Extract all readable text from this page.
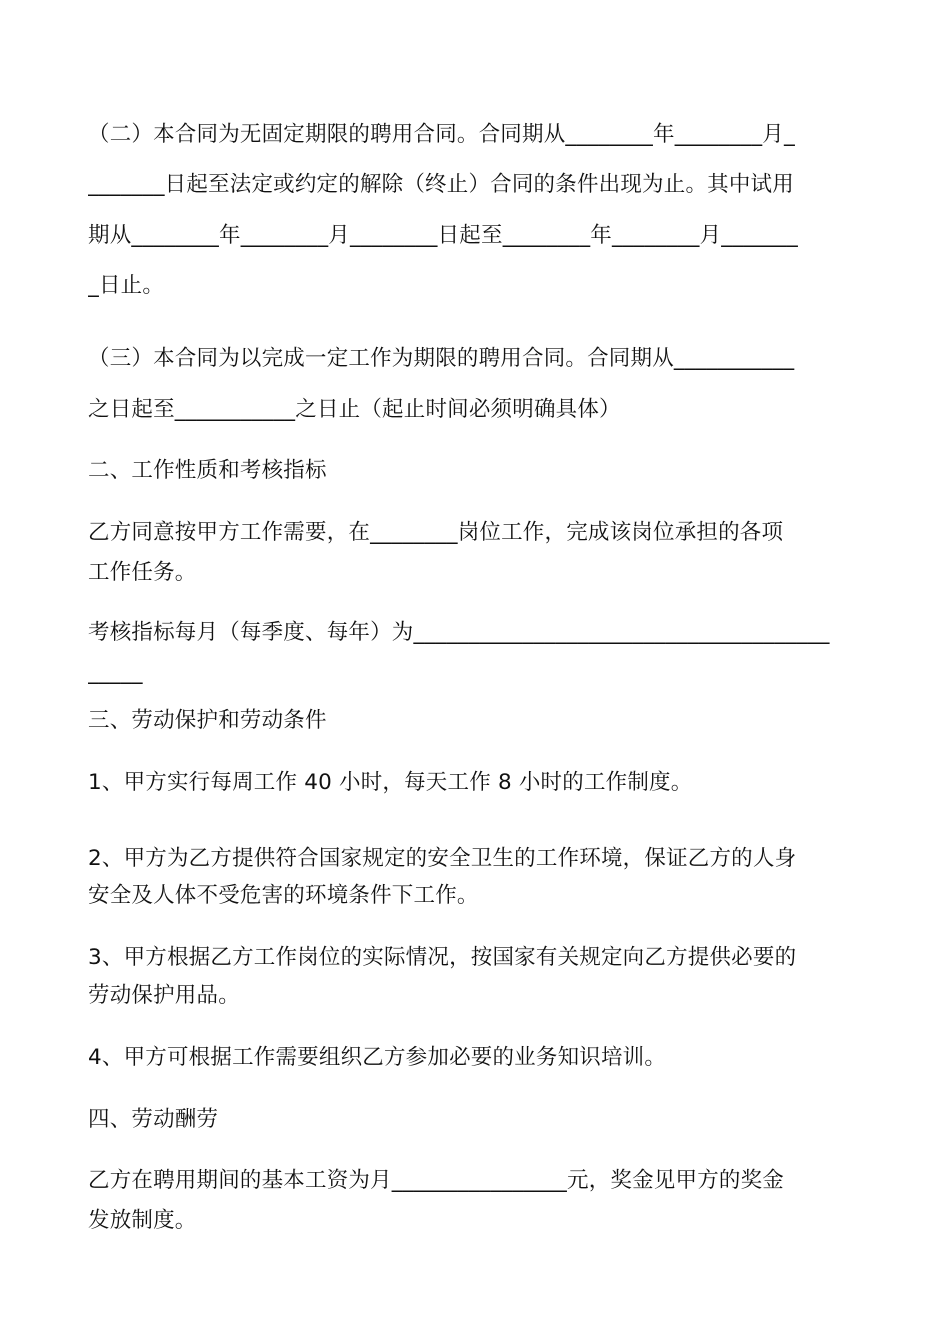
（二）本合同为无固定期限的聘用合同。合同期从________年________月_
_______日起至法定或约定的解除（终止）合同的条件出现为止。其中试用
期从________年________月________日起至________年________月_______
_日止。
（三）本合同为以完成一定工作为期限的聘用合同。合同期从___________
之日起至___________之日止（起止时间必须明确具体）
二、工作性质和考核指标
乙方同意按甲方工作需要，在________岗位工作，完成该岗位承担的各项
工作任务。
考核指标每月（每季度、每年）为______________________________________
_____
三、劳动保护和劳动条件
1、甲方实行每周工作 40 小时，每天工作 8 小时的工作制度。
2、甲方为乙方提供符合国家规定的安全卫生的工作环境，保证乙方的人身
安全及人体不受危害的环境条件下工作。
3、甲方根据乙方工作岗位的实际情况，按国家有关规定向乙方提供必要的
劳动保护用品。
4、甲方可根据工作需要组织乙方参加必要的业务知识培训。
四、劳动酬劳
乙方在聘用期间的基本工资为月________________元，奖金见甲方的奖金
发放制度。
